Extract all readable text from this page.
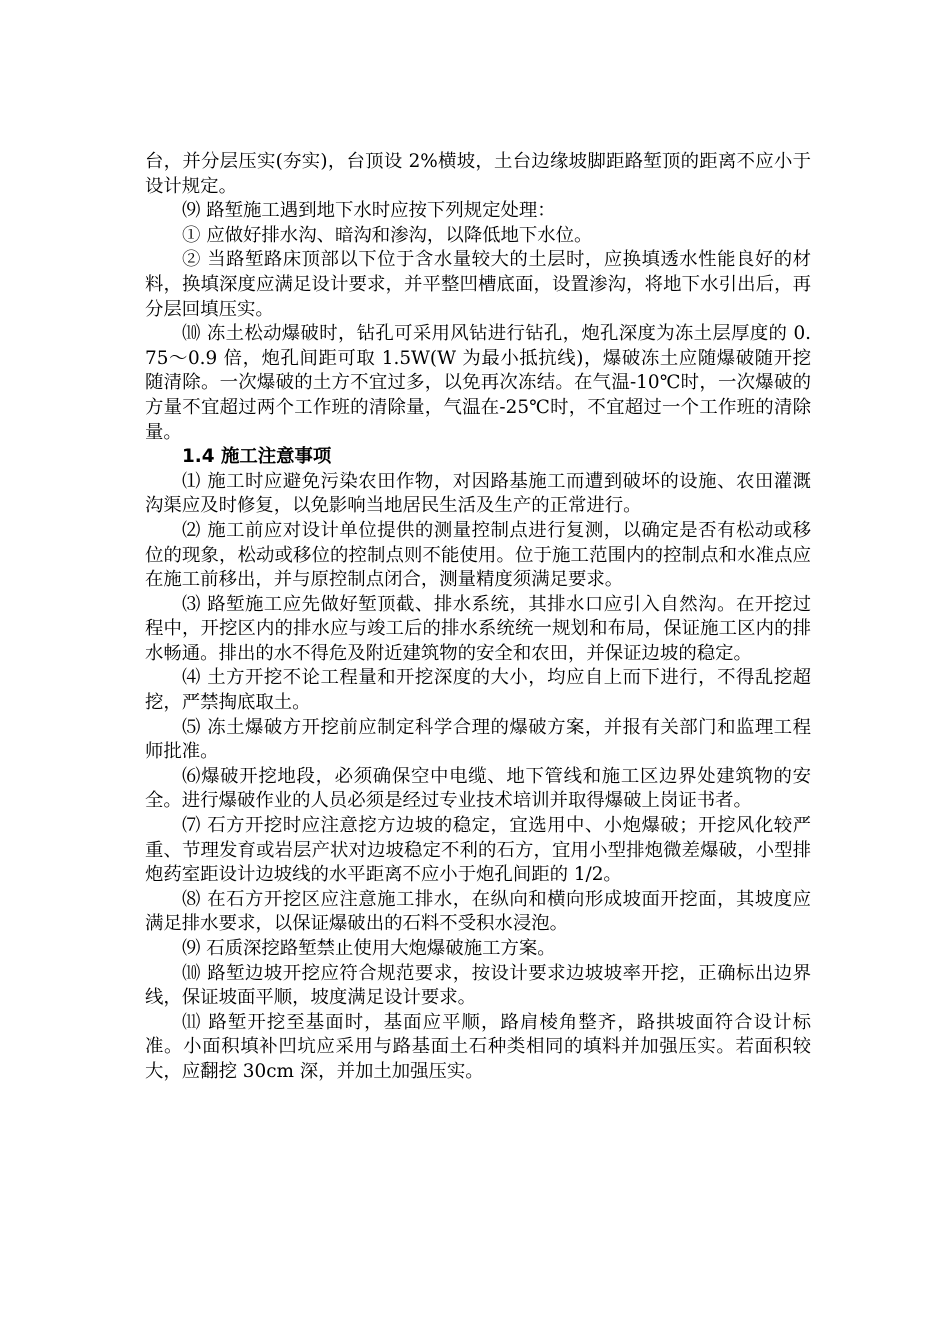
台，并分层压实(夯实)，台顶设 2%横坡，土台边缘坡脚距路堑顶的距离不应小于设计规定。

⑼ 路堑施工遇到地下水时应按下列规定处理：

① 应做好排水沟、暗沟和渗沟，以降低地下水位。

② 当路堑路床顶部以下位于含水量较大的土层时，应换填透水性能良好的材料，换填深度应满足设计要求，并平整凹槽底面，设置渗沟，将地下水引出后，再分层回填压实。

⑽ 冻土松动爆破时，钻孔可采用风钻进行钻孔，炮孔深度为冻土层厚度的 0.75～0.9 倍，炮孔间距可取 1.5W(W 为最小抵抗线)，爆破冻土应随爆破随开挖随清除。一次爆破的土方不宜过多，以免再次冻结。在气温-10℃时，一次爆破的方量不宜超过两个工作班的清除量，气温在-25℃时，不宜超过一个工作班的清除量。

1.4 施工注意事项

⑴ 施工时应避免污染农田作物，对因路基施工而遭到破坏的设施、农田灌溉沟渠应及时修复，以免影响当地居民生活及生产的正常进行。

⑵ 施工前应对设计单位提供的测量控制点进行复测，以确定是否有松动或移位的现象，松动或移位的控制点则不能使用。位于施工范围内的控制点和水准点应在施工前移出，并与原控制点闭合，测量精度须满足要求。

⑶ 路堑施工应先做好堑顶截、排水系统，其排水口应引入自然沟。在开挖过程中，开挖区内的排水应与竣工后的排水系统统一规划和布局，保证施工区内的排水畅通。排出的水不得危及附近建筑物的安全和农田，并保证边坡的稳定。

⑷ 土方开挖不论工程量和开挖深度的大小，均应自上而下进行，不得乱挖超挖，严禁掏底取土。

⑸ 冻土爆破方开挖前应制定科学合理的爆破方案，并报有关部门和监理工程师批准。

⑹爆破开挖地段，必须确保空中电缆、地下管线和施工区边界处建筑物的安全。进行爆破作业的人员必须是经过专业技术培训并取得爆破上岗证书者。

⑺ 石方开挖时应注意挖方边坡的稳定，宜选用中、小炮爆破；开挖风化较严重、节理发育或岩层产状对边坡稳定不利的石方，宜用小型排炮微差爆破，小型排炮药室距设计边坡线的水平距离不应小于炮孔间距的 1/2。

⑻ 在石方开挖区应注意施工排水，在纵向和横向形成坡面开挖面，其坡度应满足排水要求，以保证爆破出的石料不受积水浸泡。

⑼ 石质深挖路堑禁止使用大炮爆破施工方案。

⑽ 路堑边坡开挖应符合规范要求，按设计要求边坡坡率开挖，正确标出边界线，保证坡面平顺，坡度满足设计要求。

⑾ 路堑开挖至基面时，基面应平顺，路肩棱角整齐，路拱坡面符合设计标准。小面积填补凹坑应采用与路基面土石种类相同的填料并加强压实。若面积较大，应翻挖 30cm 深，并加土加强压实。
